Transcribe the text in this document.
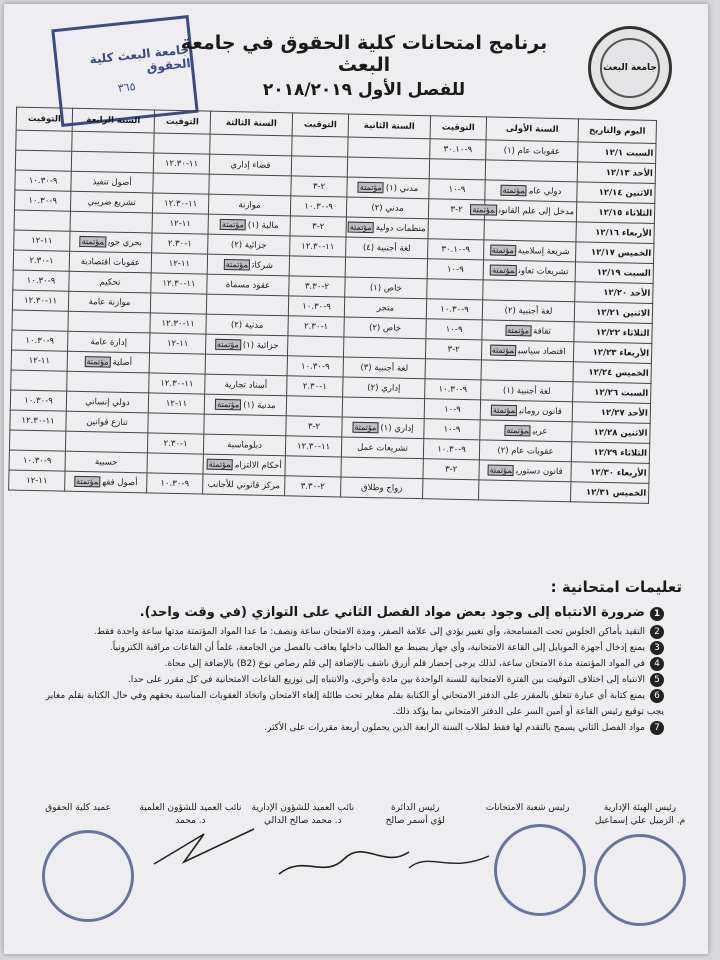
جامعة البعث كلية الحقوق
٣٦٥
جامعة البعث
برنامج امتحانات كلية الحقوق في جامعة البعث
للفصل الأول ٢٠١٨/٢٠١٩
اليوم والتاريخ	السنة الأولى	التوقيت	السنة الثانية	التوقيت	السنة الثالثة	التوقيت	السنة الرابعة	التوقيت
السبت ١٢/١	عقوبات عام (١)	٩-٣٠.١٠						
الأحد ١٢/١٣					قضاء إداري	١١-١٢.٣٠		
الاثنين ١٢/١٤	دولي عاممؤتمتة	٩-١٠	مدني (١)مؤتمتة	٢-٣			أصول تنفيذ	٩-١٠.٣٠
الثلاثاء ١٢/١٥	مدخل إلى علم القانونمؤتمتة	٢-٣	مدني (٢)	٩-١٠.٣٠	موازنة	١١-١٢.٣٠	تشريع ضريبي	٩-١٠.٣٠
الأربعاء ١٢/١٦			منظمات دوليةمؤتمتة	٢-٣	مالية (١)مؤتمتة	١١-١٢		
الخميس ١٢/١٧	شريعة إسلاميةمؤتمتة	٩-٣٠.١٠	لغة أجنبية (٤)	١١-١٢.٣٠	جزائية (٢)	١-٢.٣٠	بحري جويمؤتمتة	١١-١٢
السبت ١٢/١٩	تشريعات تعاونمؤتمتة	٩-١٠			شركاتمؤتمتة	١١-١٢	عقوبات اقتصادية	١-٢.٣٠
الأحد ١٢/٢٠			خاص (١)	٢-٣.٣٠	عقود مسماة	١١-١٢.٣٠	تحكيم	٩-١٠.٣٠
الاثنين ١٢/٢١	لغة أجنبية (٢)	٩-١٠.٣٠	متجر	٩-١٠.٣٠			موازنة عامة	١١-١٢.٣٠
الثلاثاء ١٢/٢٢	ثقافةمؤتمتة	٩-١٠	خاص (٢)	١-٢.٣٠	مدنية (٢)	١١-١٢.٣٠		
الأربعاء ١٢/٢٣	اقتصاد سياسيمؤتمتة	٢-٣			جزائية (١)مؤتمتة	١١-١٢	إدارة عامة	٩-١٠.٣٠
الخميس ١٢/٢٤			لغة أجنبية (٣)	٩-١٠.٣٠			أصليةمؤتمتة	١١-١٢
السبت ١٢/٢٦	لغة أجنبية (١)	٩-١٠.٣٠	إداري (٢)	١-٢.٣٠	أسناد تجارية	١١-١٢.٣٠		
الأحد ١٢/٢٧	قانون رومانيمؤتمتة	٩-١٠			مدنية (١)مؤتمتة	١١-١٢	دولي إنساني	٩-١٠.٣٠
الاثنين ١٢/٢٨	عربيمؤتمتة	٩-١٠	إداري (١)مؤتمتة	٢-٣			تنازع قوانين	١١-١٢.٣٠
الثلاثاء ١٢/٢٩	عقوبات عام (٢)	٩-١٠.٣٠	تشريعات عمل	١١-١٢.٣٠	دبلوماسية	١-٢.٣٠		
الأربعاء ١٢/٣٠	قانون دستوريمؤتمتة	٢-٣			أحكام الالتزاممؤتمتة		حسبية	٩-١٠.٣٠
الخميس ١٢/٣١			زواج وطلاق	٢-٣.٣٠	مركز قانوني للأجانب	٩-١٠.٣٠	أصول فقهمؤتمتة	١١-١٢
تعليمات امتحانية :
1ضرورة الانتباه إلى وجود بعض مواد الفصل الثاني على التوازي (في وقت واحد).
2التقيد بأماكن الجلوس تحت المسامحة، وأي تغيير يؤدي إلى علامة الصفر، ومدة الامتحان ساعة ونصف: ما عدا المواد المؤتمتة مدتها ساعة واحدة فقط.
3يمنع إدخال أجهزة الموبايل إلى القاعة الامتحانية، وأي جهاز يضبط مع الطالب داخلها يعاقب بالفصل من الجامعة، علماً أن القاعات مراقبة الكترونياً.
4في المواد المؤتمتة مدة الامتحان ساعة، لذلك يرجى إحضار قلم أزرق ناشف بالإضافة إلى قلم رصاص نوع (B2) بالإضافة إلى محاة.
5الانتباه إلى اختلاف التوقيت بين الفترة الامتحانية للسنة الواحدة بين مادة وأخرى، والانتباه إلى توزيع القاعات الامتحانية في كل مقرر على حدا.
6يمنع كتابة أي عبارة تتعلق بالمقرر على الدفتر الامتحاني أو الكتابة بقلم مغاير تحت طائلة إلغاء الامتحان واتخاذ العقوبات المناسبة بحقهم وفي حال الكتابة بقلم مغاير يجب توقيع رئيس القاعة أو أمين السر على الدفتر الامتحاني بما يؤكد ذلك.
7مواد الفصل الثاني يسمح بالتقدم لها فقط لطلاب السنة الرابعة الذين يحملون أربعة مقررات على الأكثر.
رئيس الهيئة الإدارية
م. الزميل علي إسماعيل
رئيس شعبة الامتحانات
رئيس الدائرة
لؤي أسمر صالح
نائب العميد للشؤون الإدارية
د. محمد صالح الدالي
نائب العميد للشؤون العلمية
د. محمد
عميد كلية الحقوق
